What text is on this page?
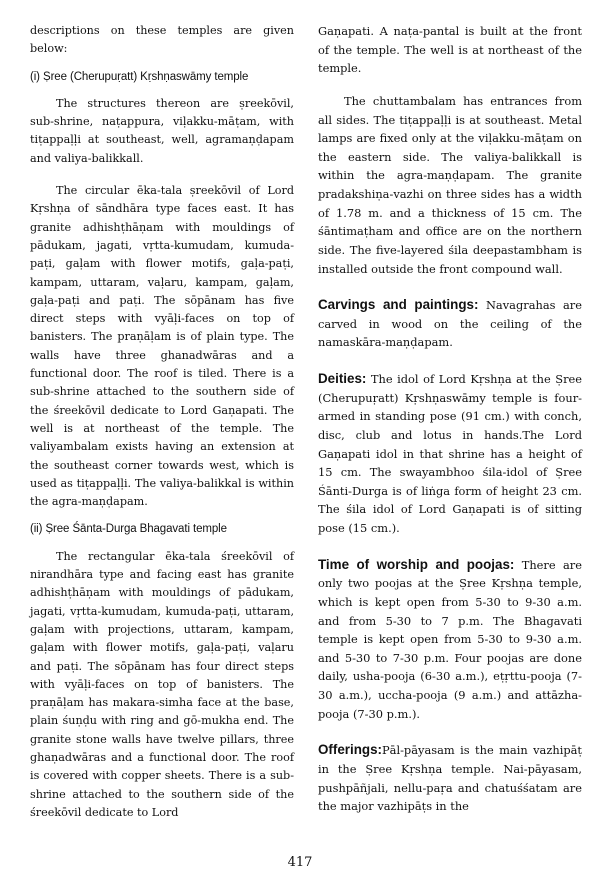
descriptions on these temples are given below:

(i) Ṣree (Cherupuṛatt) Kṛshṇaswāmy temple

The structures thereon are ṣreekōvil, sub-shrine, naṭappura, viḷakku-māṭam, with tiṭappaḷḷi at southeast, well, agramaṇḍapam and valiya-balikkall.

The circular ēka-tala ṣreekōvil of Lord Kṛshṇa of sāndhāra type faces east. It has granite adhishṭhāṇam with mouldings of pādukam, jagati, vṛtta-kumudam, kumuda-paṭi, gaḷam with flower motifs, gaḷa-paṭi, kampam, uttaram, vaḷaru, kampam, gaḷam, gaḷa-paṭi and paṭi. The sōpānam has five direct steps with vyāḷi-faces on top of banisters. The praṇāḷam is of plain type. The walls have three ghanadwāras and a functional door. The roof is tiled. There is a sub-shrine attached to the southern side of the śreekōvil dedicate to Lord Gaṇapati. The well is at northeast of the temple. The valiyambalam exists having an extension at the southeast corner towards west, which is used as tiṭappaḷḷi. The valiya-balikkal is within the agra-maṇḍapam.

(ii) Ṣree Śānta-Durga Bhagavati temple

The rectangular ēka-tala śreekōvil of nirandhāra type and facing east has granite adhishṭhāṇam with mouldings of pādukam, jagati, vṛtta-kumudam, kumuda-paṭi, uttaram, gaḷam with projections, uttaram, kampam, gaḷam with flower motifs, gaḷa-paṭi, vaḷaru and paṭi. The sōpānam has four direct steps with vyāḷi-faces on top of banisters. The praṇāḷam has makara-simha face at the base, plain śuṇḍu with ring and gō-mukha end. The granite stone walls have twelve pillars, three ghaṇadwāras and a functional door. The roof is covered with copper sheets. There is a sub-shrine attached to the southern side of the śreekōvil dedicate to Lord

Gaṇapati. A naṭa-pantal is built at the front of the temple. The well is at northeast of the temple.

The chuttambalam has entrances from all sides. The tiṭappaḷḷi is at southeast. Metal lamps are fixed only at the viḷakku-māṭam on the eastern side. The valiya-balikkall is within the agra-maṇḍapam. The granite pradakshiṇa-vazhi on three sides has a width of 1.78 m. and a thickness of 15 cm. The śāntimaṭham and office are on the northern side. The five-layered śila deepastambham is installed outside the front compound wall.

Carvings and paintings: Navagrahas are carved in wood on the ceiling of the namaskāra-maṇḍapam.

Deities: The idol of Lord Kṛshṇa at the Ṣree (Cherupuṛatt) Kṛshṇaswāmy temple is four-armed in standing pose (91 cm.) with conch, disc, club and lotus in hands.The Lord Gaṇapati idol in that shrine has a height of 15 cm. The swayambhoo śila-idol of Ṣree Śānti-Durga is of liṅga form of height 23 cm. The śila idol of Lord Gaṇapati is of sitting pose (15 cm.).

Time of worship and poojas: There are only two poojas at the Ṣree Kṛshṇa temple, which is kept open from 5-30 to 9-30 a.m. and from 5-30 to 7 p.m. The Bhagavati temple is kept open from 5-30 to 9-30 a.m. and 5-30 to 7-30 p.m. Four poojas are done daily, usha-pooja (6-30 a.m.), eṭṛttu-pooja (7-30 a.m.), uccha-pooja (9 a.m.) and attāzha-pooja (7-30 p.m.).

Offerings:Pāl-pāyasam is the main vazhipāṭ in the Ṣree Kṛshṇa temple. Nai-pāyasam, pushpāñjali, nellu-paṛa and chatuśśatam are the major vazhipāṭs in the

417
